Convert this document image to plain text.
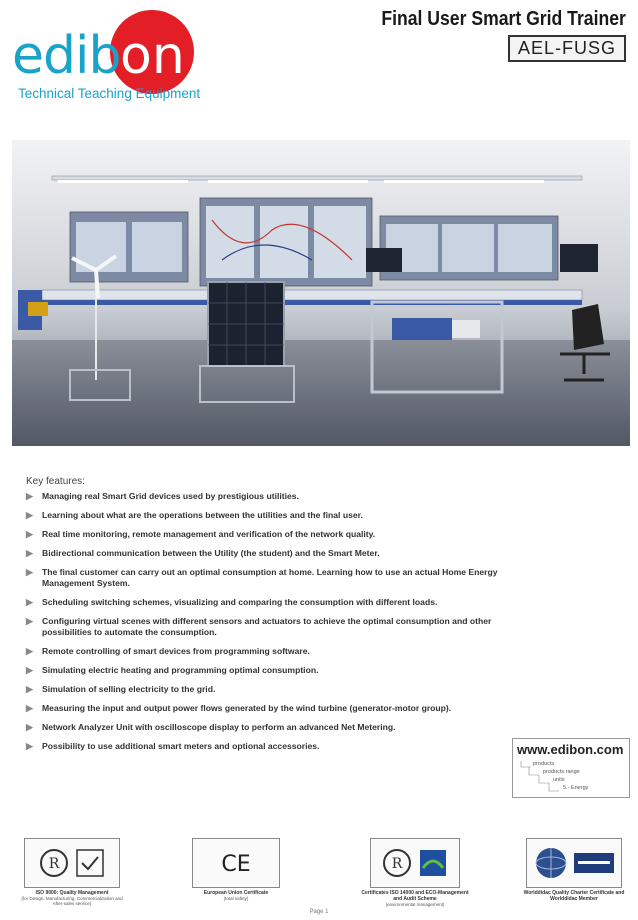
edib on
Technical Teaching Equipment
Final User Smart Grid Trainer
AEL-FUSG
Key features:
▶ Managing real Smart Grid devices used by prestigious utilities.
▶ Learning about what are the operations between the utilities and the final user.
▶ Real time monitoring, remote management and verification of the network quality.
▶ Bidirectional communication between the Utility (the student) and the Smart Meter.
▶ The final customer can carry out an optimal consumption at home. Learning how to use an actual Home Energy Management System.
▶ Scheduling switching schemes, visualizing and comparing the consumption with different loads.
▶ Configuring virtual scenes with different sensors and actuators to achieve the optimal consumption and other possibilities to automate the consumption.
▶ Remote controlling of smart devices from programming software.
▶ Simulating electric heating and programming optimal consumption.
▶ Simulation of selling electricity to the grid.
▶ Measuring the input and output power flows generated by the wind turbine (generator-motor group).
▶ Network Analyzer Unit with oscilloscope display to perform an advanced Net Metering.
▶ Possibility to use additional smart meters and optional accessories.	www.edibon.com
products
products range
units
5.- Energy
R
ISO 9000: Quality Management
(for Design, Manufacturing, Commercialization and After-sales service)
CE
European Union Certificate
(total safety)
R
Certificates ISO 14000 and ECO-Management and Audit Scheme
(environmental management)
Worlddidac Quality Charter Certificate and Worlddidac Member
Page 1
